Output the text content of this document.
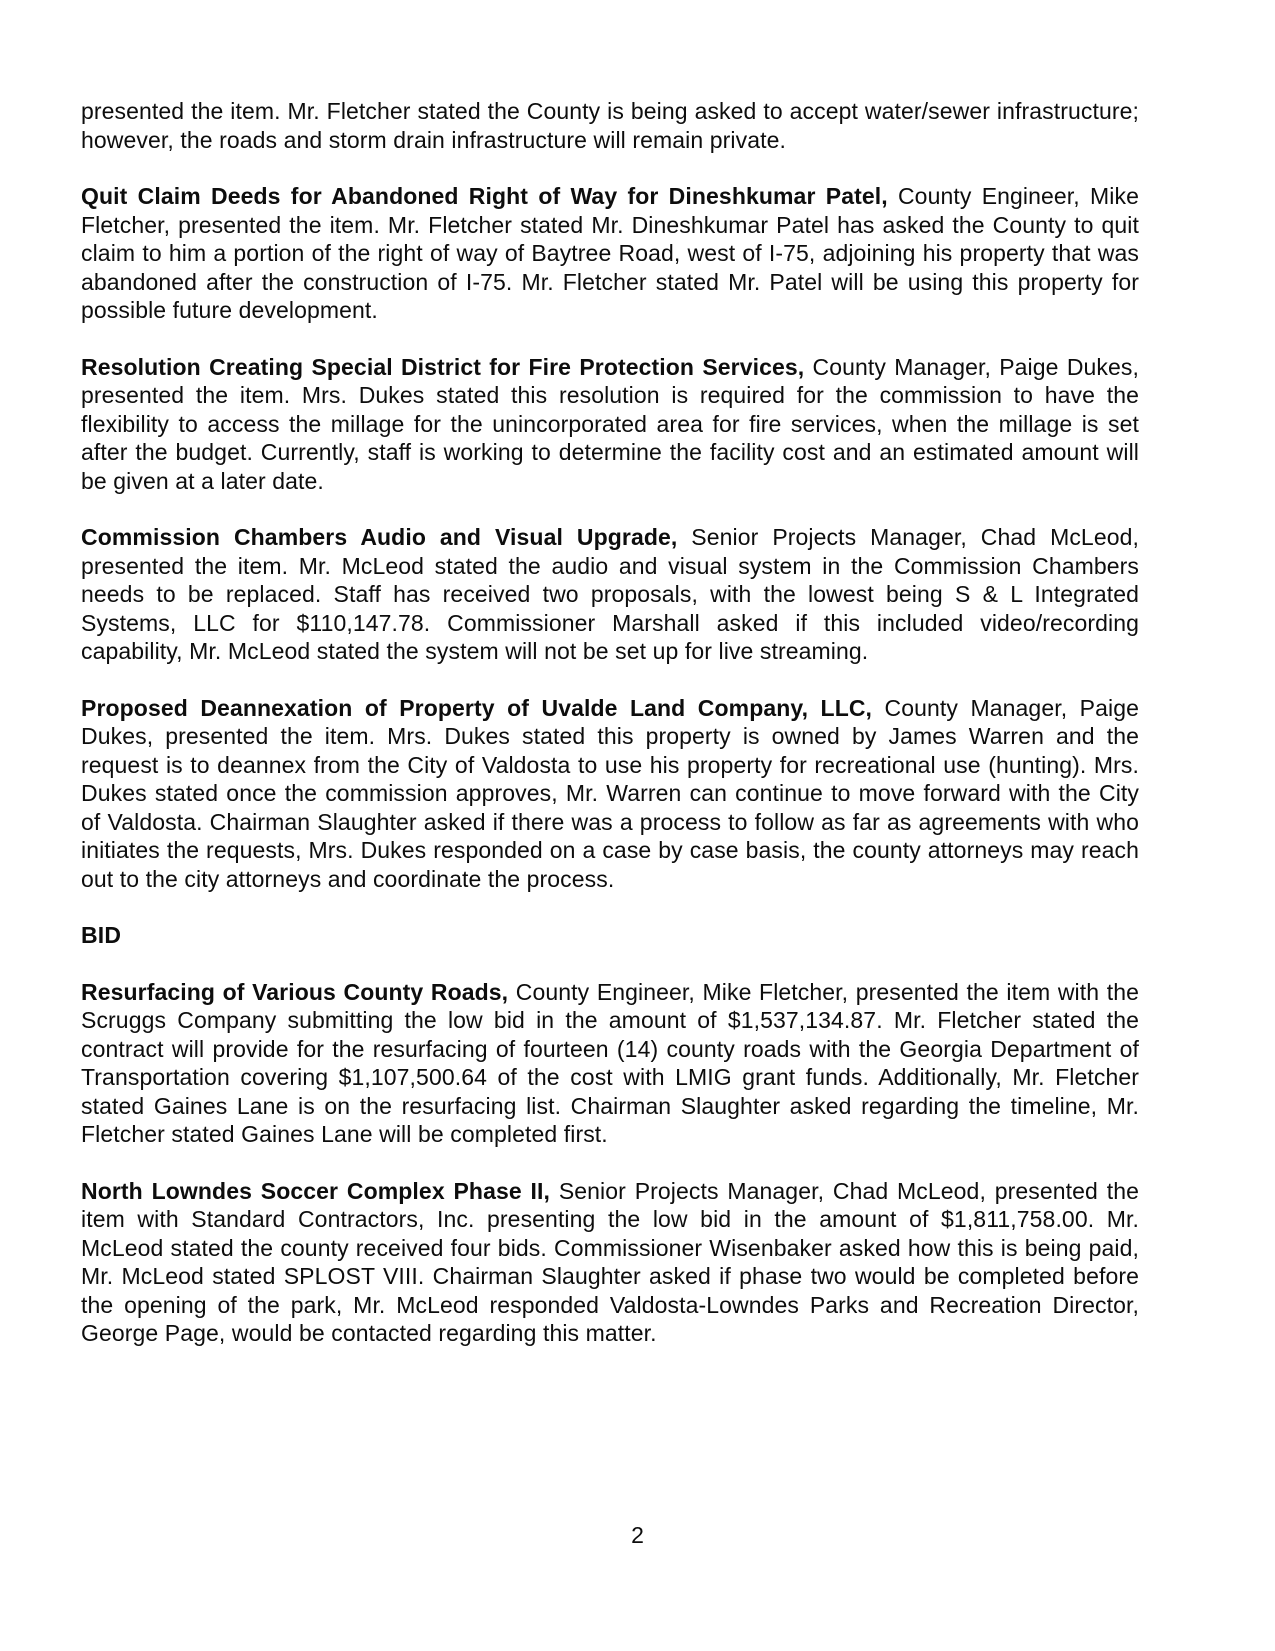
presented the item. Mr. Fletcher stated the County is being asked to accept water/sewer infrastructure; however, the roads and storm drain infrastructure will remain private.

Quit Claim Deeds for Abandoned Right of Way for Dineshkumar Patel, County Engineer, Mike Fletcher, presented the item. Mr. Fletcher stated Mr. Dineshkumar Patel has asked the County to quit claim to him a portion of the right of way of Baytree Road, west of I-75, adjoining his property that was abandoned after the construction of I-75. Mr. Fletcher stated Mr. Patel will be using this property for possible future development.

Resolution Creating Special District for Fire Protection Services, County Manager, Paige Dukes, presented the item. Mrs. Dukes stated this resolution is required for the commission to have the flexibility to access the millage for the unincorporated area for fire services, when the millage is set after the budget. Currently, staff is working to determine the facility cost and an estimated amount will be given at a later date.

Commission Chambers Audio and Visual Upgrade, Senior Projects Manager, Chad McLeod, presented the item. Mr. McLeod stated the audio and visual system in the Commission Chambers needs to be replaced. Staff has received two proposals, with the lowest being S & L Integrated Systems, LLC for $110,147.78. Commissioner Marshall asked if this included video/recording capability, Mr. McLeod stated the system will not be set up for live streaming.

Proposed Deannexation of Property of Uvalde Land Company, LLC, County Manager, Paige Dukes, presented the item. Mrs. Dukes stated this property is owned by James Warren and the request is to deannex from the City of Valdosta to use his property for recreational use (hunting). Mrs. Dukes stated once the commission approves, Mr. Warren can continue to move forward with the City of Valdosta. Chairman Slaughter asked if there was a process to follow as far as agreements with who initiates the requests, Mrs. Dukes responded on a case by case basis, the county attorneys may reach out to the city attorneys and coordinate the process.

BID

Resurfacing of Various County Roads, County Engineer, Mike Fletcher, presented the item with the Scruggs Company submitting the low bid in the amount of $1,537,134.87. Mr. Fletcher stated the contract will provide for the resurfacing of fourteen (14) county roads with the Georgia Department of Transportation covering $1,107,500.64 of the cost with LMIG grant funds. Additionally, Mr. Fletcher stated Gaines Lane is on the resurfacing list. Chairman Slaughter asked regarding the timeline, Mr. Fletcher stated Gaines Lane will be completed first.

North Lowndes Soccer Complex Phase II, Senior Projects Manager, Chad McLeod, presented the item with Standard Contractors, Inc. presenting the low bid in the amount of $1,811,758.00. Mr. McLeod stated the county received four bids. Commissioner Wisenbaker asked how this is being paid, Mr. McLeod stated SPLOST VIII. Chairman Slaughter asked if phase two would be completed before the opening of the park, Mr. McLeod responded Valdosta-Lowndes Parks and Recreation Director, George Page, would be contacted regarding this matter.

2
